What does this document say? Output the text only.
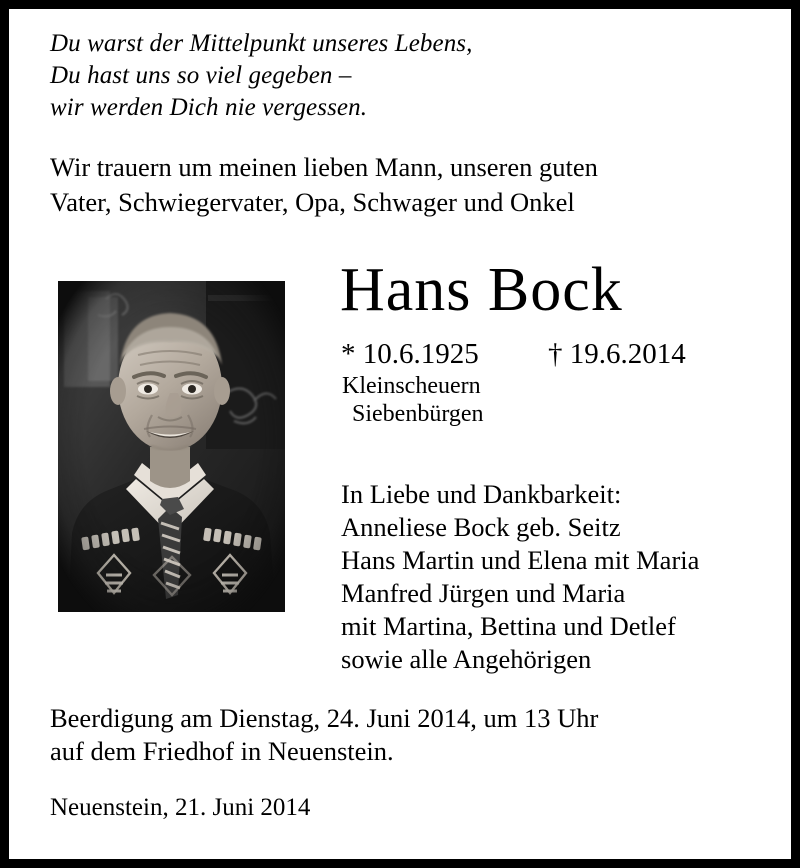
Du warst der Mittelpunkt unseres Lebens,
Du hast uns so viel gegeben –
wir werden Dich nie vergessen.
Wir trauern um meinen lieben Mann, unseren guten
Vater, Schwiegervater, Opa, Schwager und Onkel
Hans Bock
* 10.6.1925 † 19.6.2014
Kleinscheuern
Siebenbürgen
In Liebe und Dankbarkeit:
Anneliese Bock geb. Seitz
Hans Martin und Elena mit Maria
Manfred Jürgen und Maria
mit Martina, Bettina und Detlef
sowie alle Angehörigen
Beerdigung am Dienstag, 24. Juni 2014, um 13 Uhr
auf dem Friedhof in Neuenstein.
Neuenstein, 21. Juni 2014
